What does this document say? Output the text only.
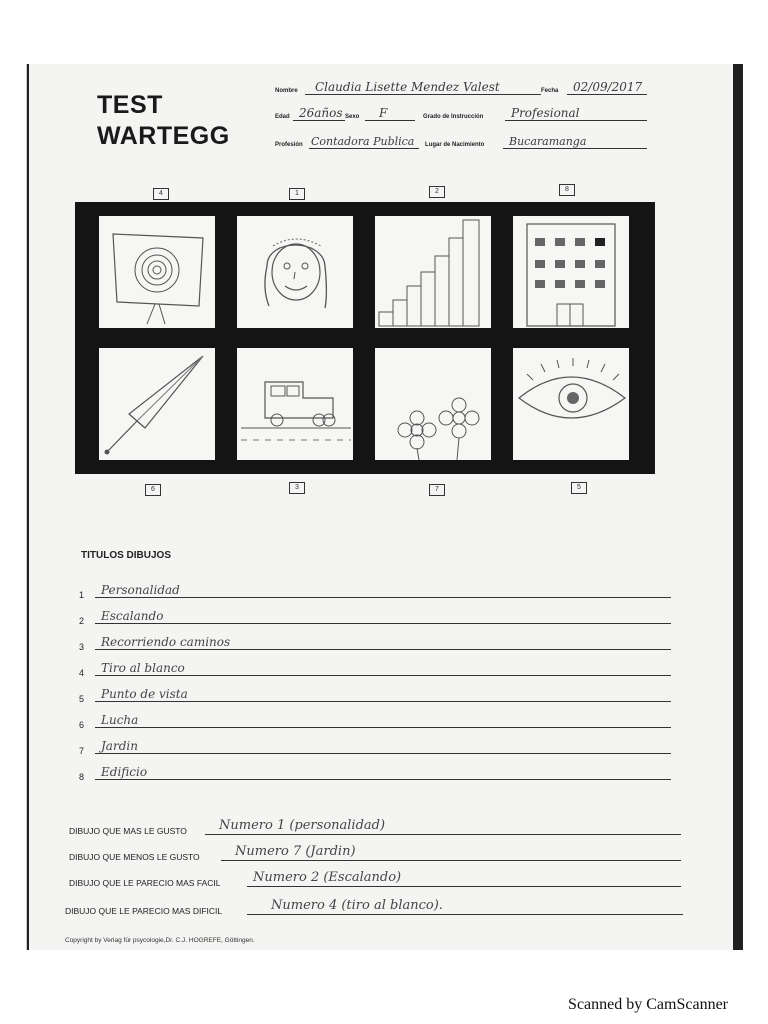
TEST
WARTEGG
Nombre Claudia Lisette Mendez Valest	Fecha 02/09/2017
Edad 26años Sexo F	Grado de Instrucción Profesional
Profesión Contadora Publica Lugar de Nacimiento Bucaramanga
4	1	2	8
6	3	7	5
TITULOS DIBUJOS
1 Personalidad
2 Escalando
3 Recorriendo caminos
4 Tiro al blanco
5 Punto de vista
6 Lucha
7 Jardin
8 Edificio
DIBUJO QUE MAS LE GUSTO Numero 1 (personalidad)
DIBUJO QUE MENOS LE GUSTO	Numero 7 (Jardin)
DIBUJO QUE LE PARECIO MAS FACIL	Numero 2 (Escalando)
DIBUJO QUE LE PARECIO MAS DIFICIL	Numero 4 (tiro al blanco).
Copyright by Verlag für psycologie,Dr. C.J. HOGREFE, Göttingen.
Scanned by CamScanner
